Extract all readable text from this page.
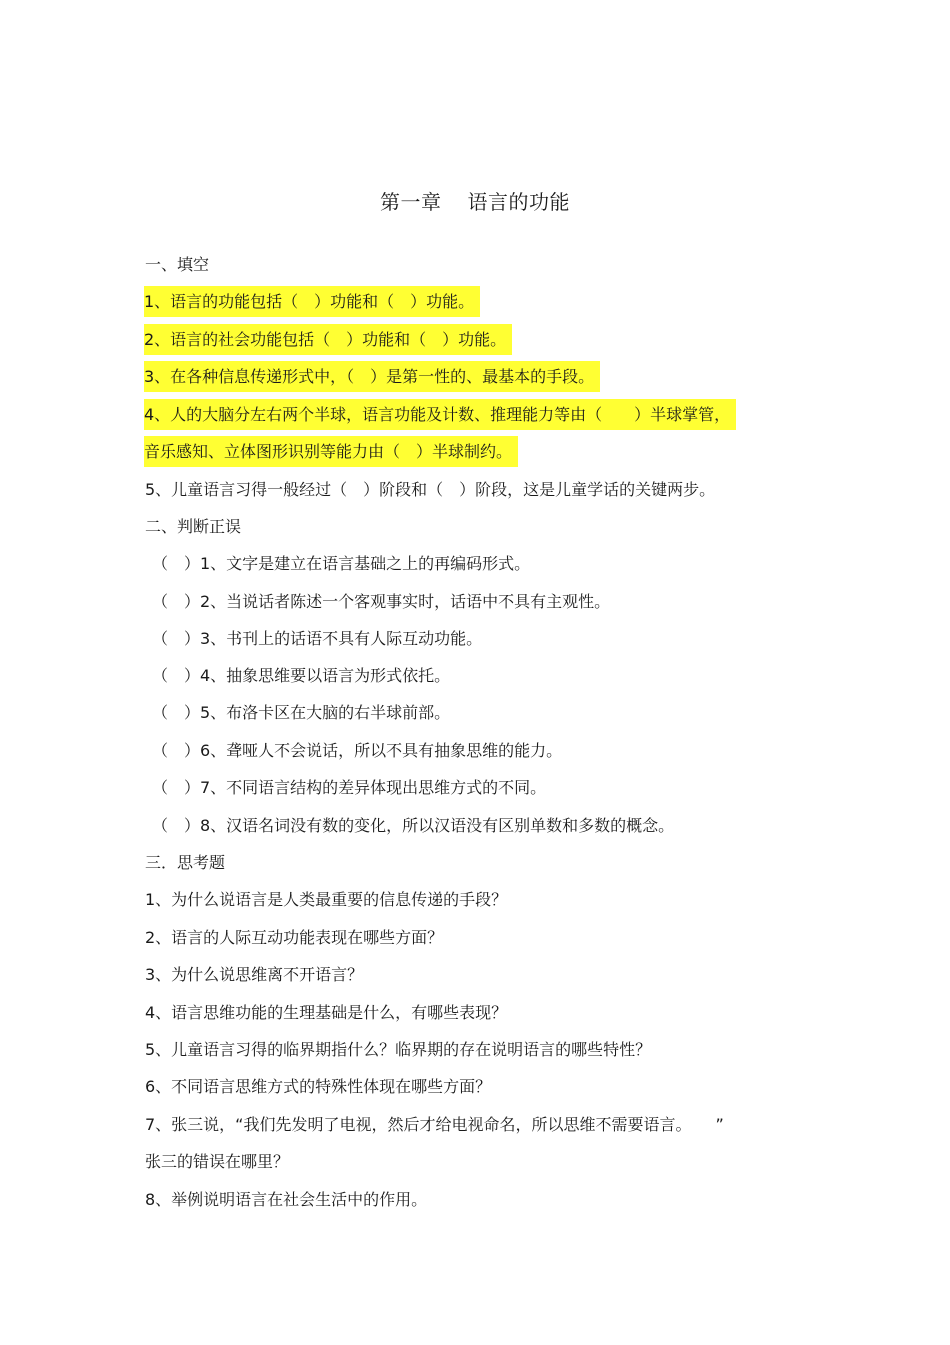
第一章 语言的功能
一、填空
1、语言的功能包括（　）功能和（　）功能。
2、语言的社会功能包括（　）功能和（　）功能。
3、在各种信息传递形式中，（　）是第一性的、最基本的手段。
4、人的大脑分左右两个半球，语言功能及计数、推理能力等由（　　）半球掌管，
音乐感知、立体图形识别等能力由（　）半球制约。
5、儿童语言习得一般经过（　）阶段和（　）阶段，这是儿童学话的关键两步。
二、判断正误
（　）1、文字是建立在语言基础之上的再编码形式。
（　）2、当说话者陈述一个客观事实时，话语中不具有主观性。
（　）3、书刊上的话语不具有人际互动功能。
（　）4、抽象思维要以语言为形式依托。
（　）5、布洛卡区在大脑的右半球前部。
（　）6、聋哑人不会说话，所以不具有抽象思维的能力。
（　）7、不同语言结构的差异体现出思维方式的不同。
（　）8、汉语名词没有数的变化，所以汉语没有区别单数和多数的概念。
三．思考题
1、为什么说语言是人类最重要的信息传递的手段？
2、语言的人际互动功能表现在哪些方面？
3、为什么说思维离不开语言？
4、语言思维功能的生理基础是什么，有哪些表现？
5、儿童语言习得的临界期指什么？临界期的存在说明语言的哪些特性？
6、不同语言思维方式的特殊性体现在哪些方面？
7、张三说，“我们先发明了电视，然后才给电视命名，所以思维不需要语言。　　”
张三的错误在哪里？
8、举例说明语言在社会生活中的作用。
